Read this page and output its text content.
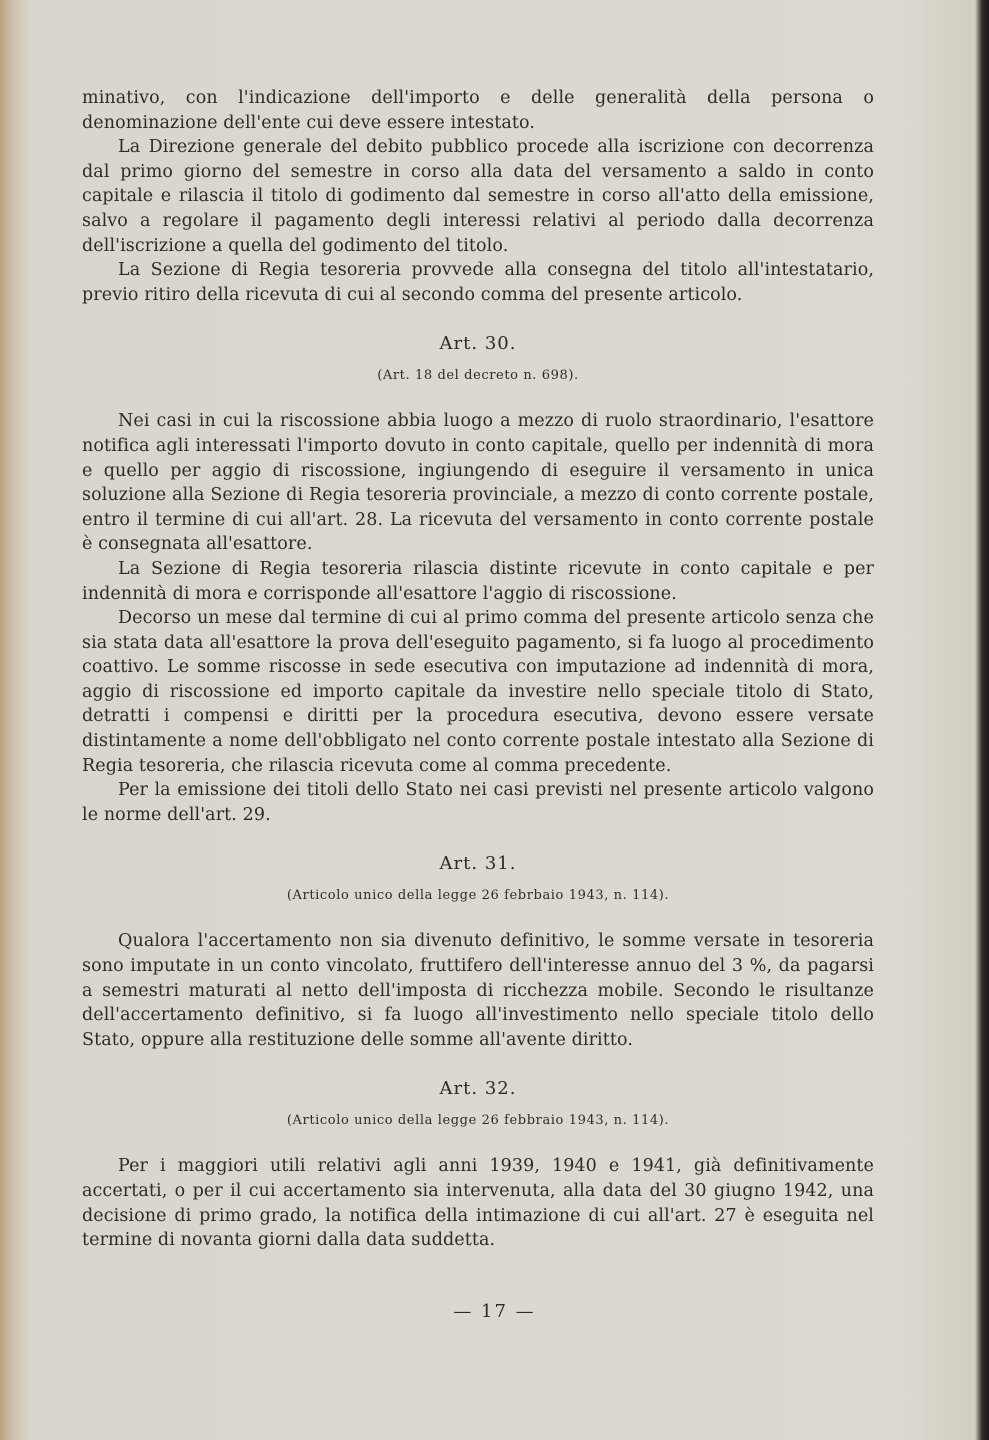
minativo, con l'indicazione dell'importo e delle generalità della persona o denominazione dell'ente cui deve essere intestato.

La Direzione generale del debito pubblico procede alla iscrizione con decorrenza dal primo giorno del semestre in corso alla data del versamento a saldo in conto capitale e rilascia il titolo di godimento dal semestre in corso all'atto della emissione, salvo a regolare il pagamento degli interessi relativi al periodo dalla decorrenza dell'iscrizione a quella del godimento del titolo.

La Sezione di Regia tesoreria provvede alla consegna del titolo all'intestatario, previo ritiro della ricevuta di cui al secondo comma del presente articolo.

Art. 30.
(Art. 18 del decreto n. 698).

Nei casi in cui la riscossione abbia luogo a mezzo di ruolo straordinario, l'esattore notifica agli interessati l'importo dovuto in conto capitale, quello per indennità di mora e quello per aggio di riscossione, ingiungendo di eseguire il versamento in unica soluzione alla Sezione di Regia tesoreria provinciale, a mezzo di conto corrente postale, entro il termine di cui all'art. 28. La ricevuta del versamento in conto corrente postale è consegnata all'esattore.

La Sezione di Regia tesoreria rilascia distinte ricevute in conto capitale e per indennità di mora e corrisponde all'esattore l'aggio di riscossione.

Decorso un mese dal termine di cui al primo comma del presente articolo senza che sia stata data all'esattore la prova dell'eseguito pagamento, si fa luogo al procedimento coattivo. Le somme riscosse in sede esecutiva con imputazione ad indennità di mora, aggio di riscossione ed importo capitale da investire nello speciale titolo di Stato, detratti i compensi e diritti per la procedura esecutiva, devono essere versate distintamente a nome dell'obbligato nel conto corrente postale intestato alla Sezione di Regia tesoreria, che rilascia ricevuta come al comma precedente.

Per la emissione dei titoli dello Stato nei casi previsti nel presente articolo valgono le norme dell'art. 29.

Art. 31.
(Articolo unico della legge 26 febrbaio 1943, n. 114).

Qualora l'accertamento non sia divenuto definitivo, le somme versate in tesoreria sono imputate in un conto vincolato, fruttifero dell'interesse annuo del 3 %, da pagarsi a semestri maturati al netto dell'imposta di ricchezza mobile. Secondo le risultanze dell'accertamento definitivo, si fa luogo all'investimento nello speciale titolo dello Stato, oppure alla restituzione delle somme all'avente diritto.

Art. 32.
(Articolo unico della legge 26 febbraio 1943, n. 114).

Per i maggiori utili relativi agli anni 1939, 1940 e 1941, già definitivamente accertati, o per il cui accertamento sia intervenuta, alla data del 30 giugno 1942, una decisione di primo grado, la notifica della intimazione di cui all'art. 27 è eseguita nel termine di novanta giorni dalla data suddetta.

— 17 —
